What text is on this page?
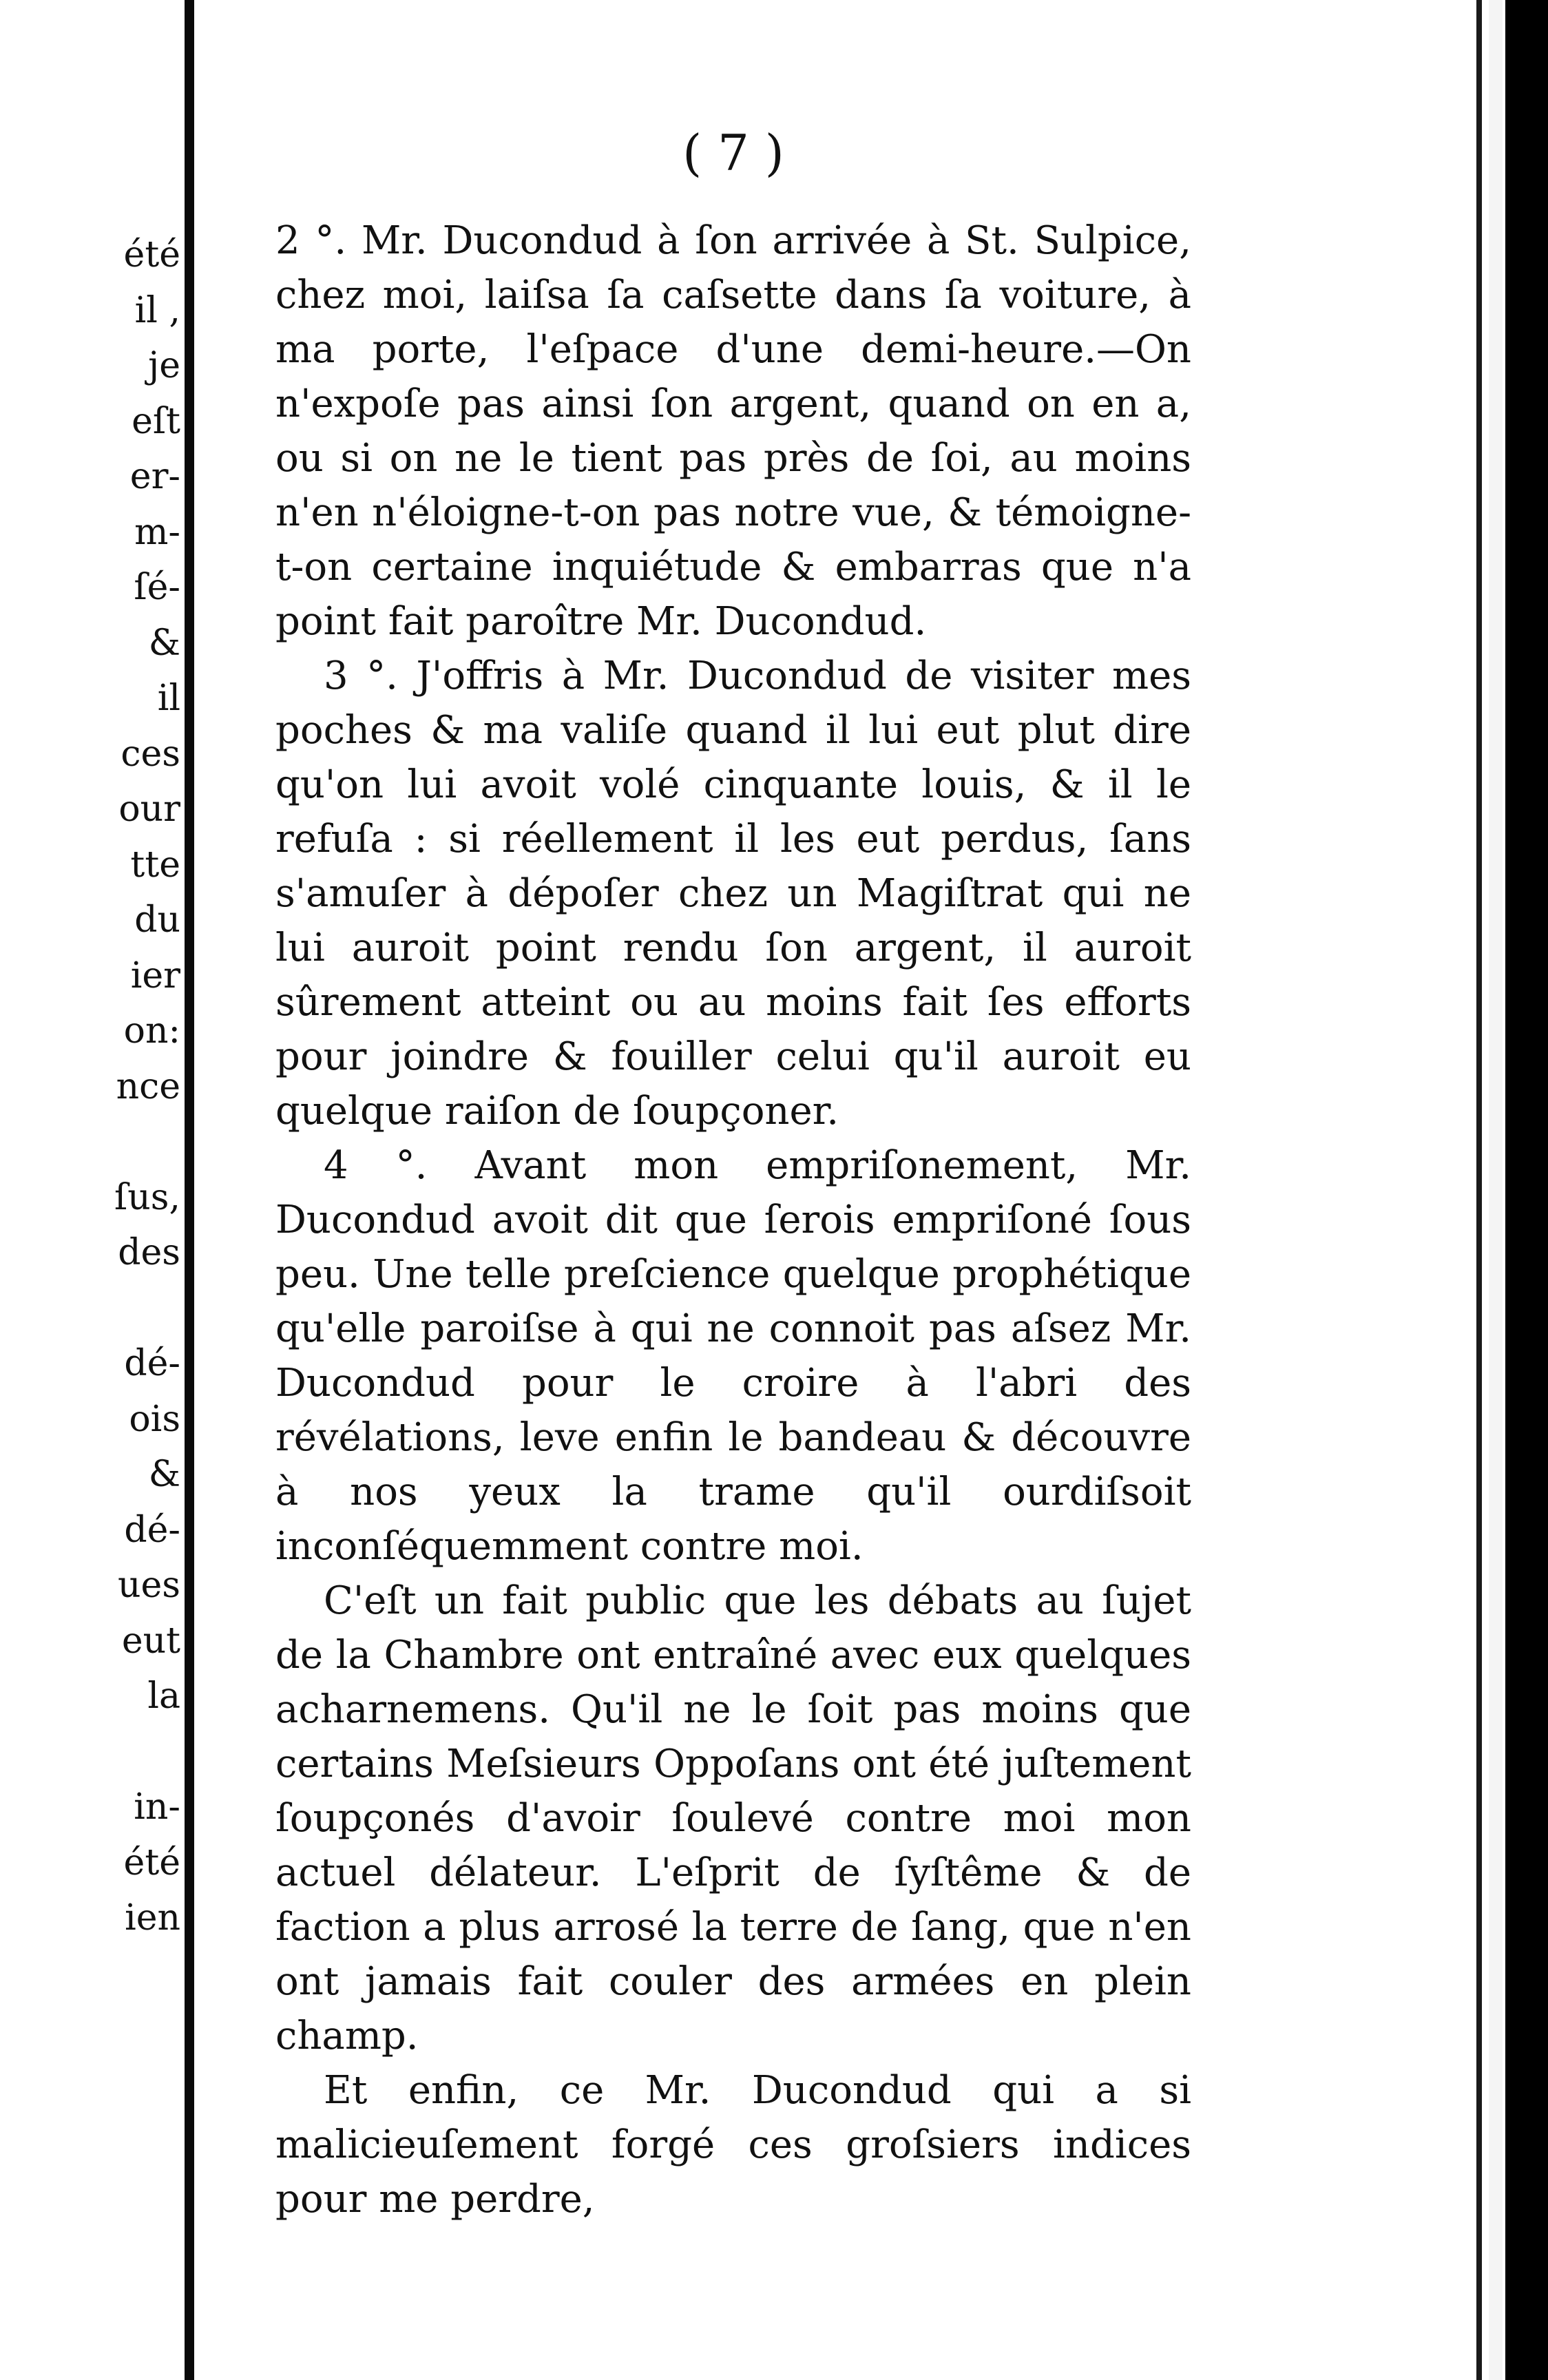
été
il ,
je
eſt
er-
m-
ſé-
&
il
ces
our
tte
du
ier
on:
nce
ſus,
des
dé-
ois
&
dé-
ues
eut
la
in-
été
ien
( 7 )

2 °. Mr. Ducondud à ſon arrivée à St. Sulpice, chez moi, laiſsa ſa caſsette dans ſa voiture, à ma porte, l'eſpace d'une demi-heure.—On n'expoſe pas ainsi ſon argent, quand on en a, ou si on ne le tient pas près de ſoi, au moins n'en n'éloigne-t-on pas notre vue, & témoigne-t-on certaine inquiétude & embarras que n'a point fait paroître Mr. Ducondud.

3 °. J'offris à Mr. Ducondud de visiter mes poches & ma valiſe quand il lui eut plut dire qu'on lui avoit volé cinquante louis, & il le refuſa : si réellement il les eut perdus, ſans s'amuſer à dépoſer chez un Magiſtrat qui ne lui auroit point rendu ſon argent, il auroit sûrement atteint ou au moins fait ſes efforts pour joindre & fouiller celui qu'il auroit eu quelque raiſon de ſoupçoner.

4 °. Avant mon empriſonement, Mr. Ducondud avoit dit que ſerois empriſoné ſous peu. Une telle preſcience quelque prophétique qu'elle paroiſse à qui ne connoit pas aſsez Mr. Ducondud pour le croire à l'abri des révélations, leve enfin le bandeau & découvre à nos yeux la trame qu'il ourdiſsoit inconſéquemment contre moi.

C'eſt un fait public que les débats au ſujet de la Chambre ont entraîné avec eux quelques acharnemens. Qu'il ne le ſoit pas moins que certains Meſsieurs Oppoſans ont été juſtement ſoupçonés d'avoir ſoulevé contre moi mon actuel délateur. L'eſprit de ſyſtême & de faction a plus arrosé la terre de ſang, que n'en ont jamais fait couler des armées en plein champ.

Et enfin, ce Mr. Ducondud qui a si malicieuſement forgé ces groſsiers indices pour me perdre,
